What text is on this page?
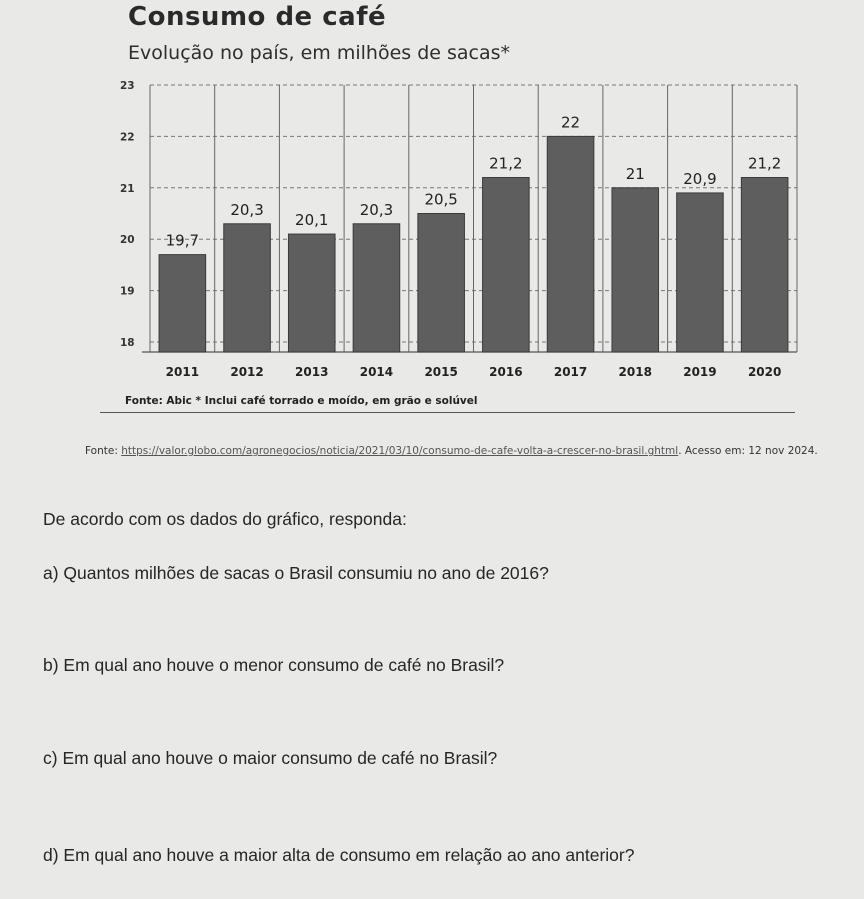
Consumo de café
Evolução no país, em milhões de sacas*
18
19
20
21
22
23
19,7
20,3
20,1
20,3
20,5
21,2
22
21	20,9
21,2
2011	2012	2013	2014	2015	2016	2017	2018	2019	2020
Fonte: Abic * Inclui café torrado e moído, em grão e solúvel
Fonte: https://valor.globo.com/agronegocios/noticia/2021/03/10/consumo-de-cafe-volta-a-crescer-no-brasil.ghtml. Acesso em: 12 nov 2024.
De acordo com os dados do gráfico, responda:
a) Quantos milhões de sacas o Brasil consumiu no ano de 2016?
b) Em qual ano houve o menor consumo de café no Brasil?
c) Em qual ano houve o maior consumo de café no Brasil?
d) Em qual ano houve a maior alta de consumo em relação ao ano anterior?
